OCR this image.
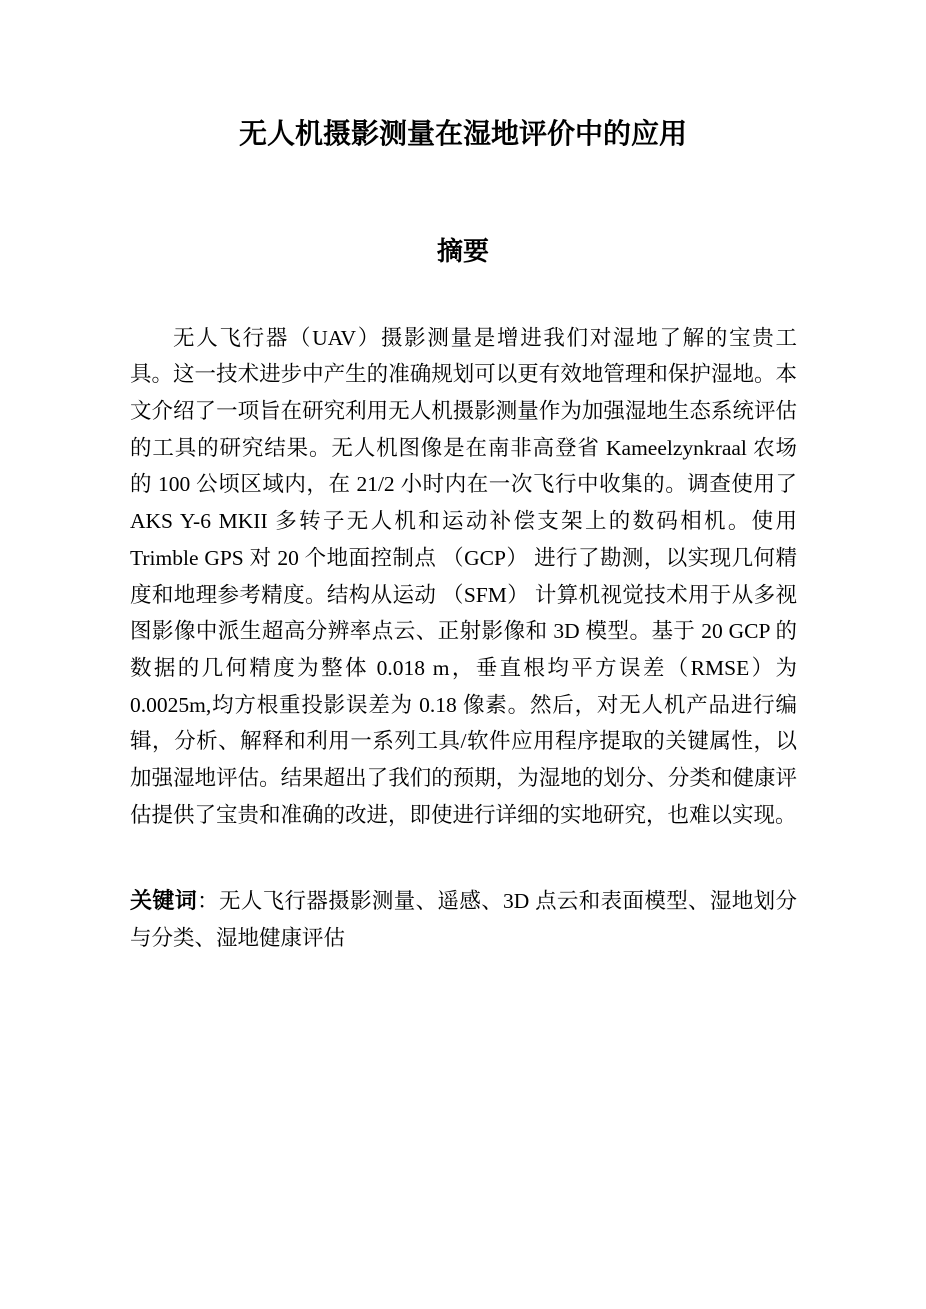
无人机摄影测量在湿地评价中的应用
摘要

无人飞行器（UAV）摄影测量是增进我们对湿地了解的宝贵工具。这一技术进步中产生的准确规划可以更有效地管理和保护湿地。本文介绍了一项旨在研究利用无人机摄影测量作为加强湿地生态系统评估的工具的研究结果。无人机图像是在南非高登省 Kameelzynkraal 农场的 100 公顷区域内，在 21/2 小时内在一次飞行中收集的。调查使用了 AKS Y-6 MKII 多转子无人机和运动补偿支架上的数码相机。使用 Trimble GPS 对 20 个地面控制点 （GCP） 进行了勘测，以实现几何精度和地理参考精度。结构从运动 （SFM） 计算机视觉技术用于从多视图影像中派生超高分辨率点云、正射影像和 3D 模型。基于 20 GCP 的数据的几何精度为整体 0.018 m，垂直根均平方误差（RMSE）为 0.0025m,均方根重投影误差为 0.18 像素。然后，对无人机产品进行编辑，分析、解释和利用一系列工具/软件应用程序提取的关键属性，以加强湿地评估。结果超出了我们的预期，为湿地的划分、分类和健康评估提供了宝贵和准确的改进，即使进行详细的实地研究，也难以实现。

关键词：无人飞行器摄影测量、遥感、3D 点云和表面模型、湿地划分与分类、湿地健康评估
